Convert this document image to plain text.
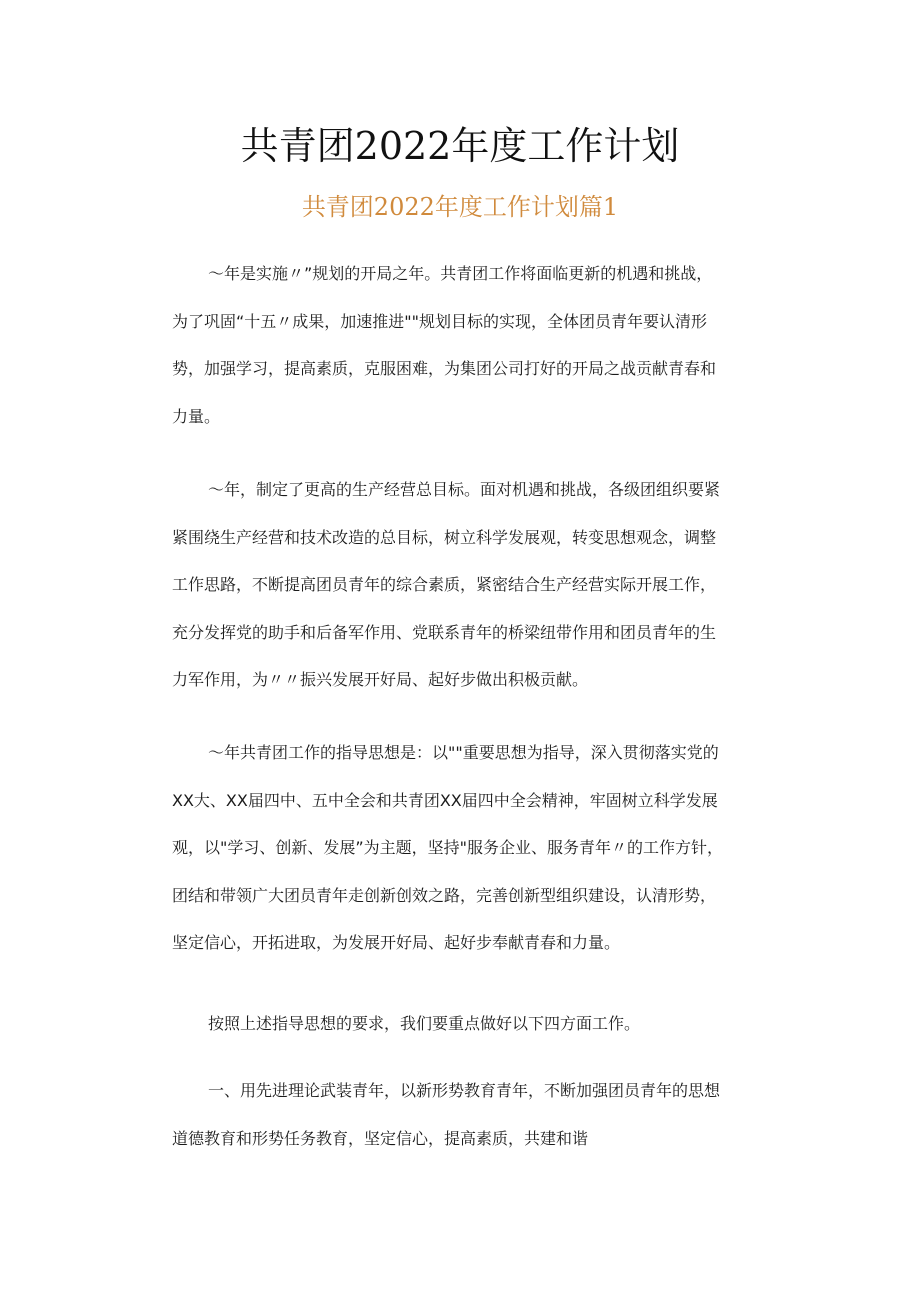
共青团2022年度工作计划
共青团2022年度工作计划篇1
～年是实施〃”规划的开局之年。共青团工作将面临更新的机遇和挑战，
为了巩固“十五〃成果，加速推进""规划目标的实现，全体团员青年要认清形
势，加强学习，提高素质，克服困难，为集团公司打好的开局之战贡献青春和
力量。
～年，制定了更高的生产经营总目标。面对机遇和挑战，各级团组织要紧
紧围绕生产经营和技术改造的总目标，树立科学发展观，转变思想观念，调整
工作思路，不断提高团员青年的综合素质，紧密结合生产经营实际开展工作，
充分发挥党的助手和后备军作用、党联系青年的桥梁纽带作用和团员青年的生
力军作用，为〃〃振兴发展开好局、起好步做出积极贡献。
～年共青团工作的指导思想是：以""重要思想为指导，深入贯彻落实党的
XX大、XX届四中、五中全会和共青团XX届四中全会精神，牢固树立科学发展
观，以"学习、创新、发展”为主题，坚持"服务企业、服务青年〃的工作方针，
团结和带领广大团员青年走创新创效之路，完善创新型组织建设，认清形势，
坚定信心，开拓进取，为发展开好局、起好步奉献青春和力量。
按照上述指导思想的要求，我们要重点做好以下四方面工作。
一、用先进理论武装青年，以新形势教育青年，不断加强团员青年的思想
道德教育和形势任务教育，坚定信心，提高素质，共建和谐
